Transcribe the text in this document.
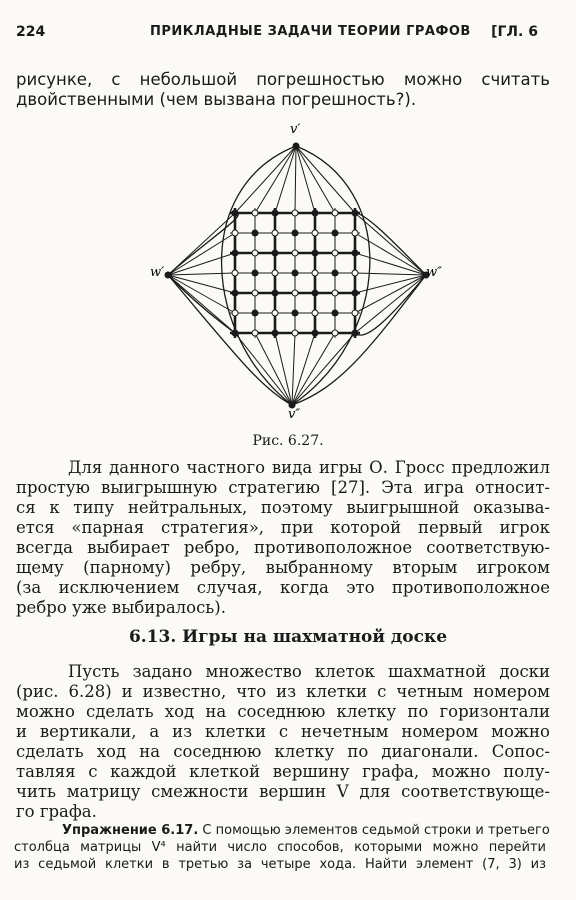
224	ПРИКЛАДНЫЕ ЗАДАЧИ ТЕОРИИ ГРАФОВ [ГЛ. 6
рисунке, с небольшой погрешностью можно считать
двойственными (чем вызвана погрешность?).
v′
v″
w′	w″
Рис. 6.27.
Для данного частного вида игры О. Гросс предложил
простую выигрышную стратегию [27]. Эта игра относит-
ся к типу нейтральных, поэтому выигрышной оказыва-
ется «парная стратегия», при которой первый игрок
всегда выбирает ребро, противоположное соответствую-
щему (парному) ребру, выбранному вторым игроком
(за исключением случая, когда это противоположное
ребро уже выбиралось).
6.13. Игры на шахматной доске
Пусть задано множество клеток шахматной доски
(рис. 6.28) и известно, что из клетки с четным номером
можно сделать ход на соседнюю клетку по горизонтали
и вертикали, а из клетки с нечетным номером можно
сделать ход на соседнюю клетку по диагонали. Сопос-
тавляя с каждой клеткой вершину графа, можно полу-
чить матрицу смежности вершин V для соответствующе-
го графа.
Упражнение 6.17. С помощью элементов седьмой строки и третьего
столбца матрицы V⁴ найти число способов, которыми можно перейти
из седьмой клетки в третью за четыре хода. Найти элемент (7, 3) из
